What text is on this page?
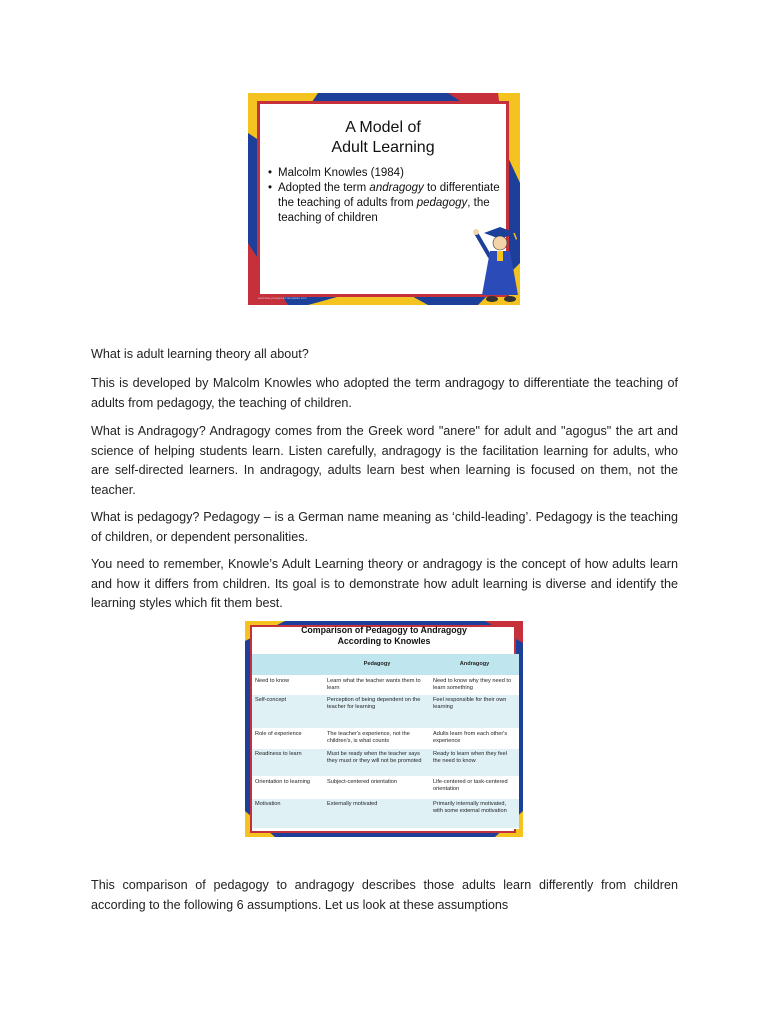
A Model of
Adult Learning
• Malcolm Knowles (1984)
• Adopted the term andragogy to differentiate the teaching of adults from pedagogy, the teaching of children
www.free-powerpoint-templates.com

What is adult learning theory all about?

This is developed by Malcolm Knowles who adopted the term andragogy to differentiate the teaching of adults from pedagogy, the teaching of children.

What is Andragogy? Andragogy comes from the Greek word "anere" for adult and "agogus" the art and science of helping students learn. Listen carefully, andragogy is the facilitation learning for adults, who are self-directed learners. In andragogy, adults learn best when learning is focused on them, not the teacher.

What is pedagogy? Pedagogy – is a German name meaning as ‘child-leading’. Pedagogy is the teaching of children, or dependent personalities.

You need to remember, Knowle’s Adult Learning theory or andragogy is the concept of how adults learn and how it differs from children. Its goal is to demonstrate how adult learning is diverse and identify the learning styles which fit them best.

Comparison of Pedagogy to Andragogy
According to Knowles
	Pedagogy	Andragogy
Need to know	Learn what the teacher wants them to learn	Need to know why they need to learn something
Self-concept	Perception of being dependent on the teacher for learning	Feel responsible for their own learning
Role of experience	The teacher's experience, not the children's, is what counts	Adults learn from each other's experience
Readiness to learn	Must be ready when the teacher says they must or they will not be promoted	Ready to learn when they feel the need to know
Orientation to learning	Subject-centered orientation	Life-centered or task-centered orientation
Motivation	Externally motivated	Primarily internally motivated, with some external motivation

This comparison of pedagogy to andragogy describes those adults learn differently from children according to the following 6 assumptions. Let us look at these assumptions
